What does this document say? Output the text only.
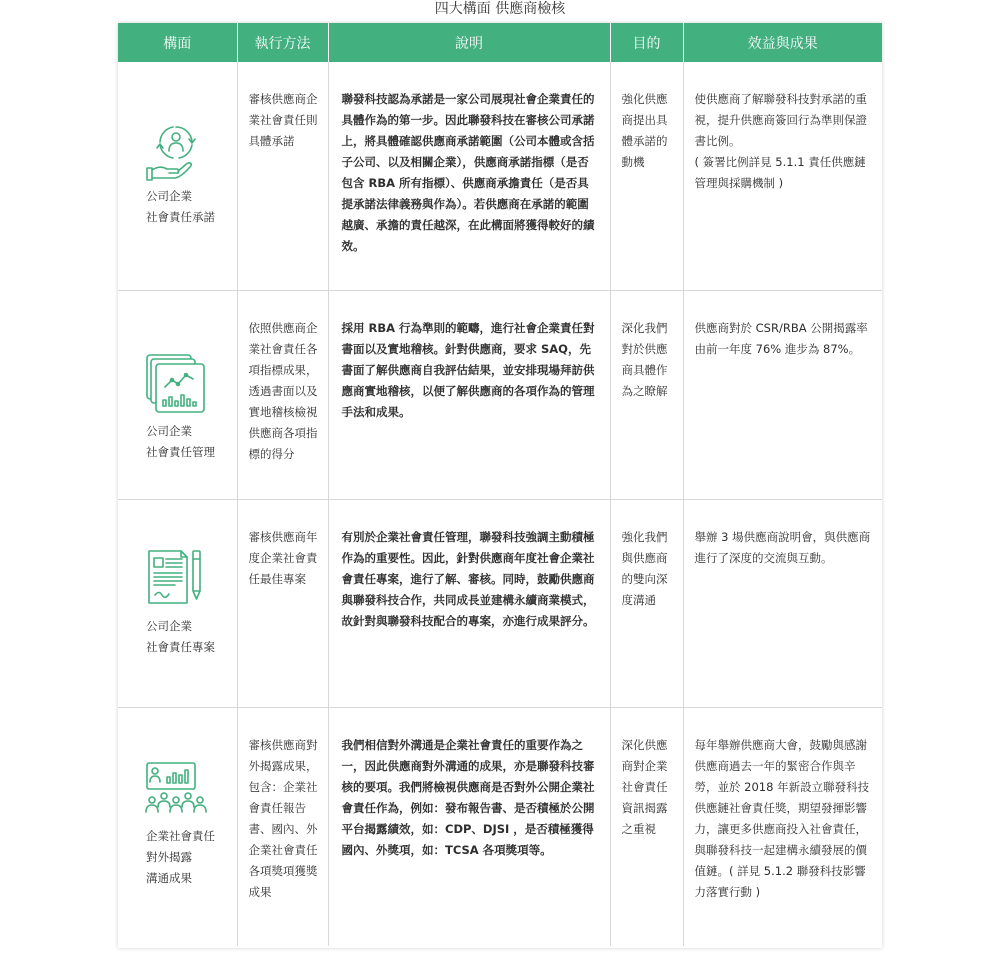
四大構面 供應商檢核
構面	執行方法	說明	目的	效益與成果

公司企業
社會責任承諾	審核供應商企業社會責任則具體承諾	聯發科技認為承諾是一家公司展現社會企業責任的具體作為的第一步。因此聯發科技在審核公司承諾上，將具體確認供應商承諾範圍（公司本體或含括子公司、以及相關企業），供應商承諾指標（是否包含 RBA 所有指標）、供應商承擔責任（是否具提承諾法律義務與作為）。若供應商在承諾的範圍越廣、承擔的責任越深，在此構面將獲得較好的績效。	強化供應商提出具體承諾的動機	使供應商了解聯發科技對承諾的重視，提升供應商簽回行為準則保證書比例。
( 簽署比例詳見 5.1.1 責任供應鏈管理與採購機制 )

公司企業
社會責任管理	依照供應商企業社會責任各項指標成果，透過書面以及實地稽核檢視供應商各項指標的得分	採用 RBA 行為準則的範疇，進行社會企業責任對書面以及實地稽核。針對供應商，要求 SAQ，先書面了解供應商自我評估結果，並安排現場拜訪供應商實地稽核，以便了解供應商的各項作為的管理手法和成果。	深化我們對於供應商具體作為之瞭解	供應商對於 CSR/RBA 公開揭露率由前一年度 76% 進步為 87%。

公司企業
社會責任專案	審核供應商年度企業社會責任最佳專案	有別於企業社會責任管理，聯發科技強調主動積極作為的重要性。因此，針對供應商年度社會企業社會責任專案，進行了解、審核。同時，鼓勵供應商與聯發科技合作，共同成長並建構永續商業模式，故針對與聯發科技配合的專案，亦進行成果評分。	強化我們與供應商的雙向深度溝通	舉辦 3 場供應商說明會，與供應商進行了深度的交流與互動。

企業社會責任
對外揭露
溝通成果	審核供應商對外揭露成果，包含：企業社會責任報告書、國內、外企業社會責任各項獎項獲獎成果	我們相信對外溝通是企業社會責任的重要作為之一，因此供應商對外溝通的成果，亦是聯發科技審核的要項。我們將檢視供應商是否對外公開企業社會責任作為，例如：發布報告書、是否積極於公開平台揭露績效，如：CDP、DJSI ，是否積極獲得國內、外獎項，如：TCSA 各項獎項等。	深化供應商對企業社會責任資訊揭露之重視	每年舉辦供應商大會，鼓勵與感謝供應商過去一年的緊密合作與辛勞，並於 2018 年新設立聯發科技供應鏈社會責任獎，期望發揮影響力，讓更多供應商投入社會責任，與聯發科技一起建構永續發展的價值鏈。( 詳見 5.1.2 聯發科技影響力落實行動 )
